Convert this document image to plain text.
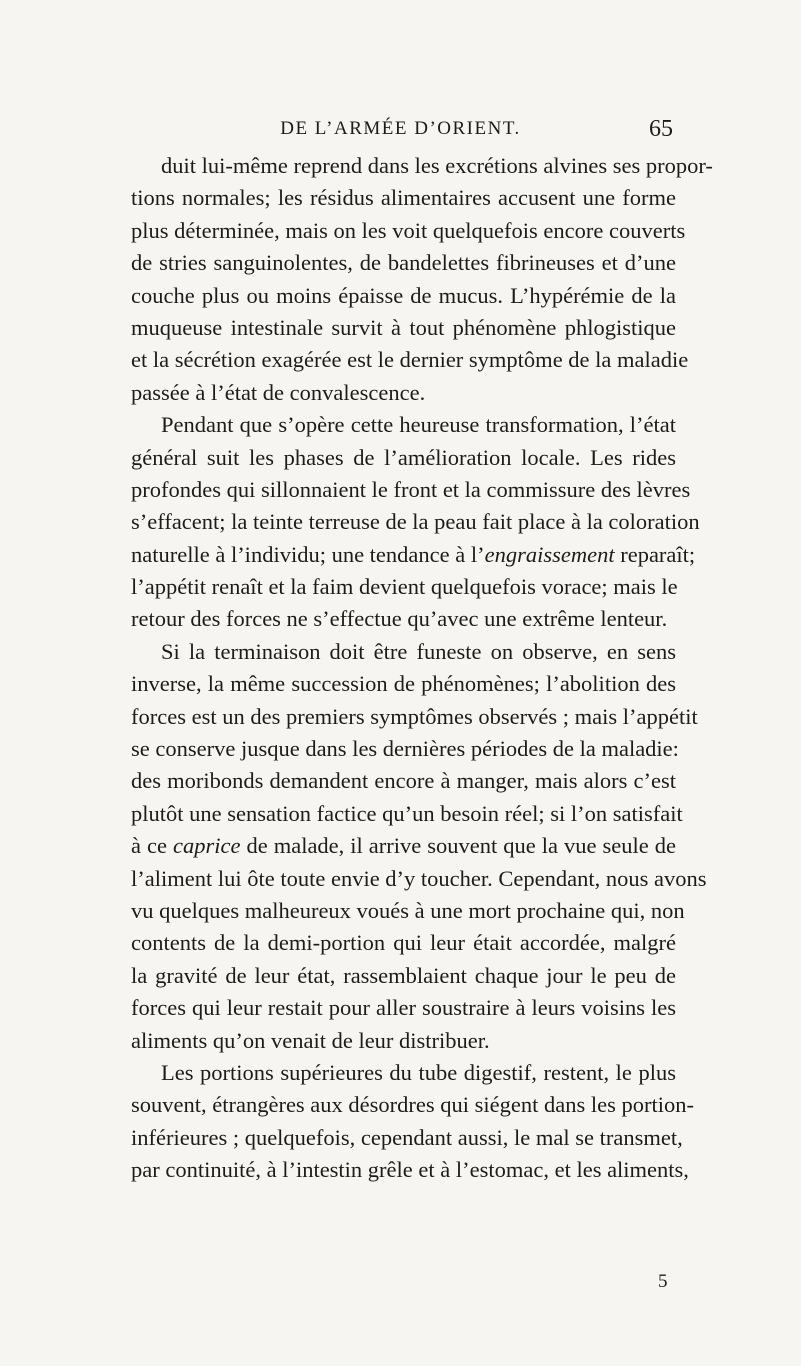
DE L’ARMÉE D’ORIENT.	65
duit lui-même reprend dans les excrétions alvines ses propor-
tions normales; les résidus alimentaires accusent une forme
plus déterminée, mais on les voit quelquefois encore couverts
de stries sanguinolentes, de bandelettes fibrineuses et d’une
couche plus ou moins épaisse de mucus. L’hypérémie de la
muqueuse intestinale survit à tout phénomène phlogistique
et la sécrétion exagérée est le dernier symptôme de la maladie
passée à l’état de convalescence.
Pendant que s’opère cette heureuse transformation, l’état
général suit les phases de l’amélioration locale. Les rides
profondes qui sillonnaient le front et la commissure des lèvres
s’effacent; la teinte terreuse de la peau fait place à la coloration
naturelle à l’individu; une tendance à l’engraissement reparaît;
l’appétit renaît et la faim devient quelquefois vorace; mais le
retour des forces ne s’effectue qu’avec une extrême lenteur.
Si la terminaison doit être funeste on observe, en sens
inverse, la même succession de phénomènes; l’abolition des
forces est un des premiers symptômes observés ; mais l’appétit
se conserve jusque dans les dernières périodes de la maladie:
des moribonds demandent encore à manger, mais alors c’est
plutôt une sensation factice qu’un besoin réel; si l’on satisfait
à ce caprice de malade, il arrive souvent que la vue seule de
l’aliment lui ôte toute envie d’y toucher. Cependant, nous avons
vu quelques malheureux voués à une mort prochaine qui, non
contents de la demi-portion qui leur était accordée, malgré
la gravité de leur état, rassemblaient chaque jour le peu de
forces qui leur restait pour aller soustraire à leurs voisins les
aliments qu’on venait de leur distribuer.
Les portions supérieures du tube digestif, restent, le plus
souvent, étrangères aux désordres qui siégent dans les portion-
inférieures ; quelquefois, cependant aussi, le mal se transmet,
par continuité, à l’intestin grêle et à l’estomac, et les aliments,
5
